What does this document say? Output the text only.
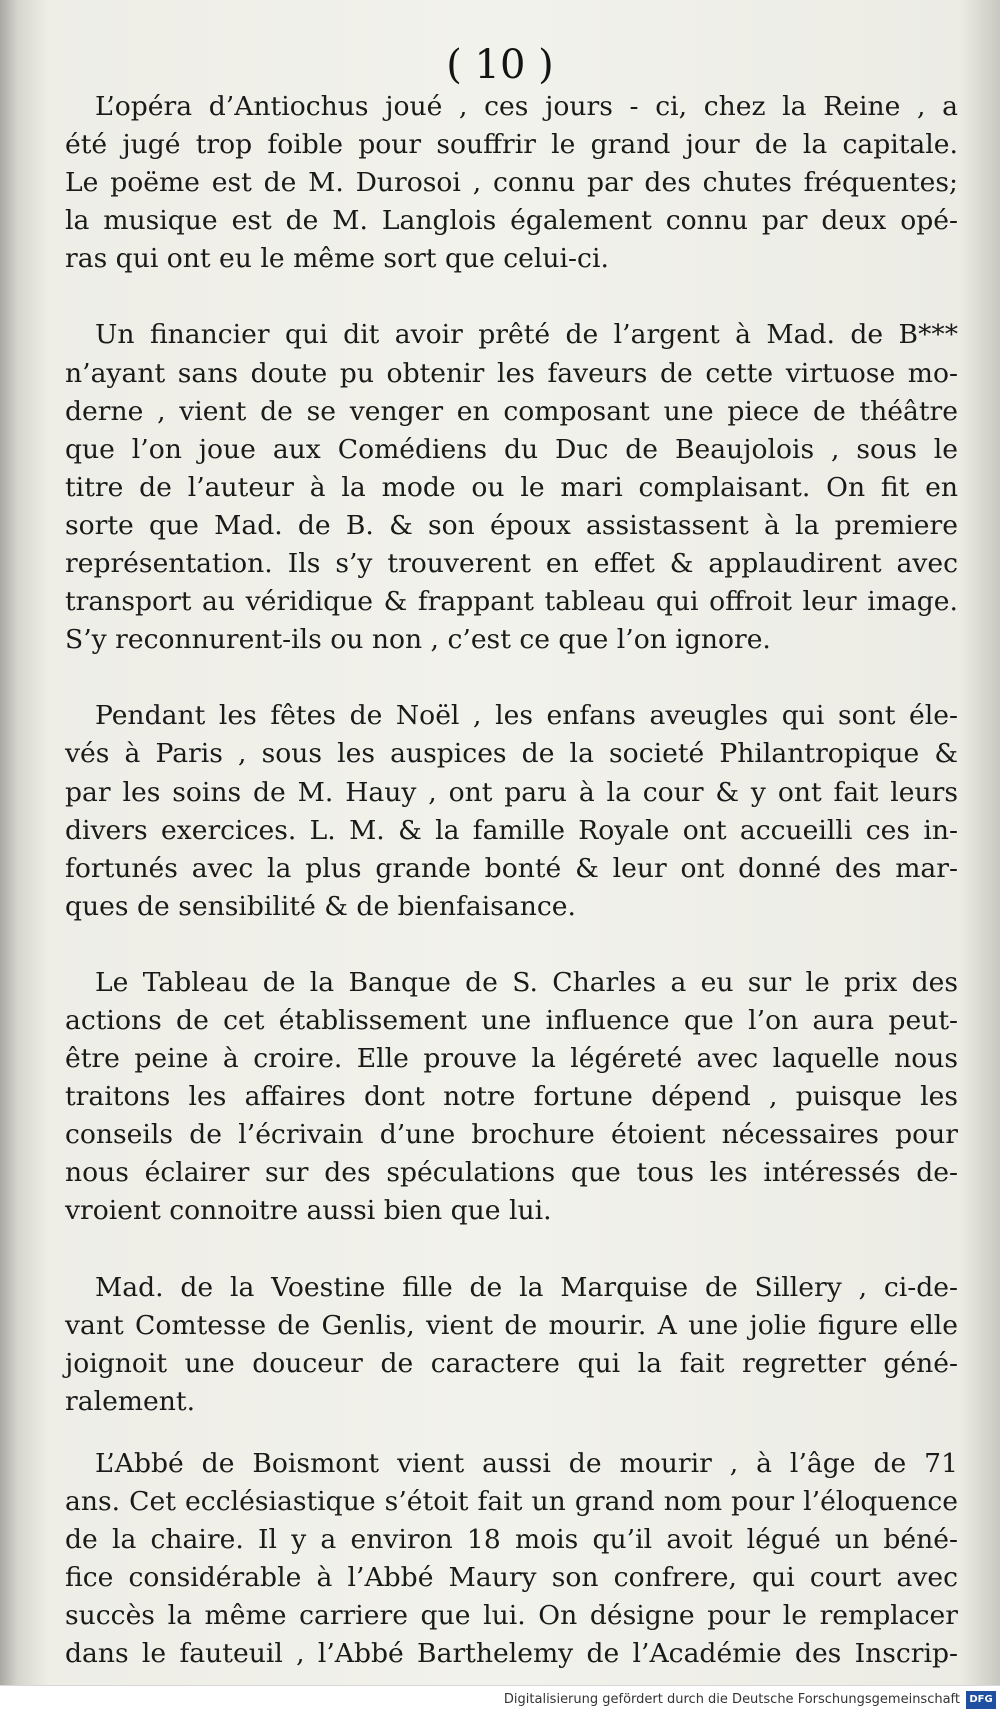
( 10 )

L’opéra d’Antiochus joué , ces jours - ci, chez la Reine , a

été jugé trop foible pour souffrir le grand jour de la capitale.

Le poëme est de M. Durosoi , connu par des chutes fréquentes;

la musique est de M. Langlois également connu par deux opé-

ras qui ont eu le même sort que celui-ci.

Un financier qui dit avoir prêté de l’argent à Mad. de B***

n’ayant sans doute pu obtenir les faveurs de cette virtuose mo-

derne , vient de se venger en composant une piece de théâtre

que l’on joue aux Comédiens du Duc de Beaujolois , sous le

titre de l’auteur à la mode ou le mari complaisant. On fit en

sorte que Mad. de B. & son époux assistassent à la premiere

représentation. Ils s’y trouverent en effet & applaudirent avec

transport au véridique & frappant tableau qui offroit leur image.

S’y reconnurent-ils ou non , c’est ce que l’on ignore.

Pendant les fêtes de Noël , les enfans aveugles qui sont éle-

vés à Paris , sous les auspices de la societé Philantropique &

par les soins de M. Hauy , ont paru à la cour & y ont fait leurs

divers exercices. L. M. & la famille Royale ont accueilli ces in-

fortunés avec la plus grande bonté & leur ont donné des mar-

ques de sensibilité & de bienfaisance.

Le Tableau de la Banque de S. Charles a eu sur le prix des

actions de cet établissement une influence que l’on aura peut-

être peine à croire. Elle prouve la légéreté avec laquelle nous

traitons les affaires dont notre fortune dépend , puisque les

conseils de l’écrivain d’une brochure étoient nécessaires pour

nous éclairer sur des spéculations que tous les intéressés de-

vroient connoitre aussi bien que lui.

Mad. de la Voestine fille de la Marquise de Sillery , ci-de-

vant Comtesse de Genlis, vient de mourir. A une jolie figure elle

joignoit une douceur de caractere qui la fait regretter géné-

ralement.

L’Abbé de Boismont vient aussi de mourir , à l’âge de 71

ans. Cet ecclésiastique s’étoit fait un grand nom pour l’éloquence

de la chaire. Il y a environ 18 mois qu’il avoit légué un béné-

fice considérable à l’Abbé Maury son confrere, qui court avec

succès la même carriere que lui. On désigne pour le remplacer

dans le fauteuil , l’Abbé Barthelemy de l’Académie des Inscrip-

Digitalisierung gefördert durch die Deutsche Forschungsgemeinschaft DFG
